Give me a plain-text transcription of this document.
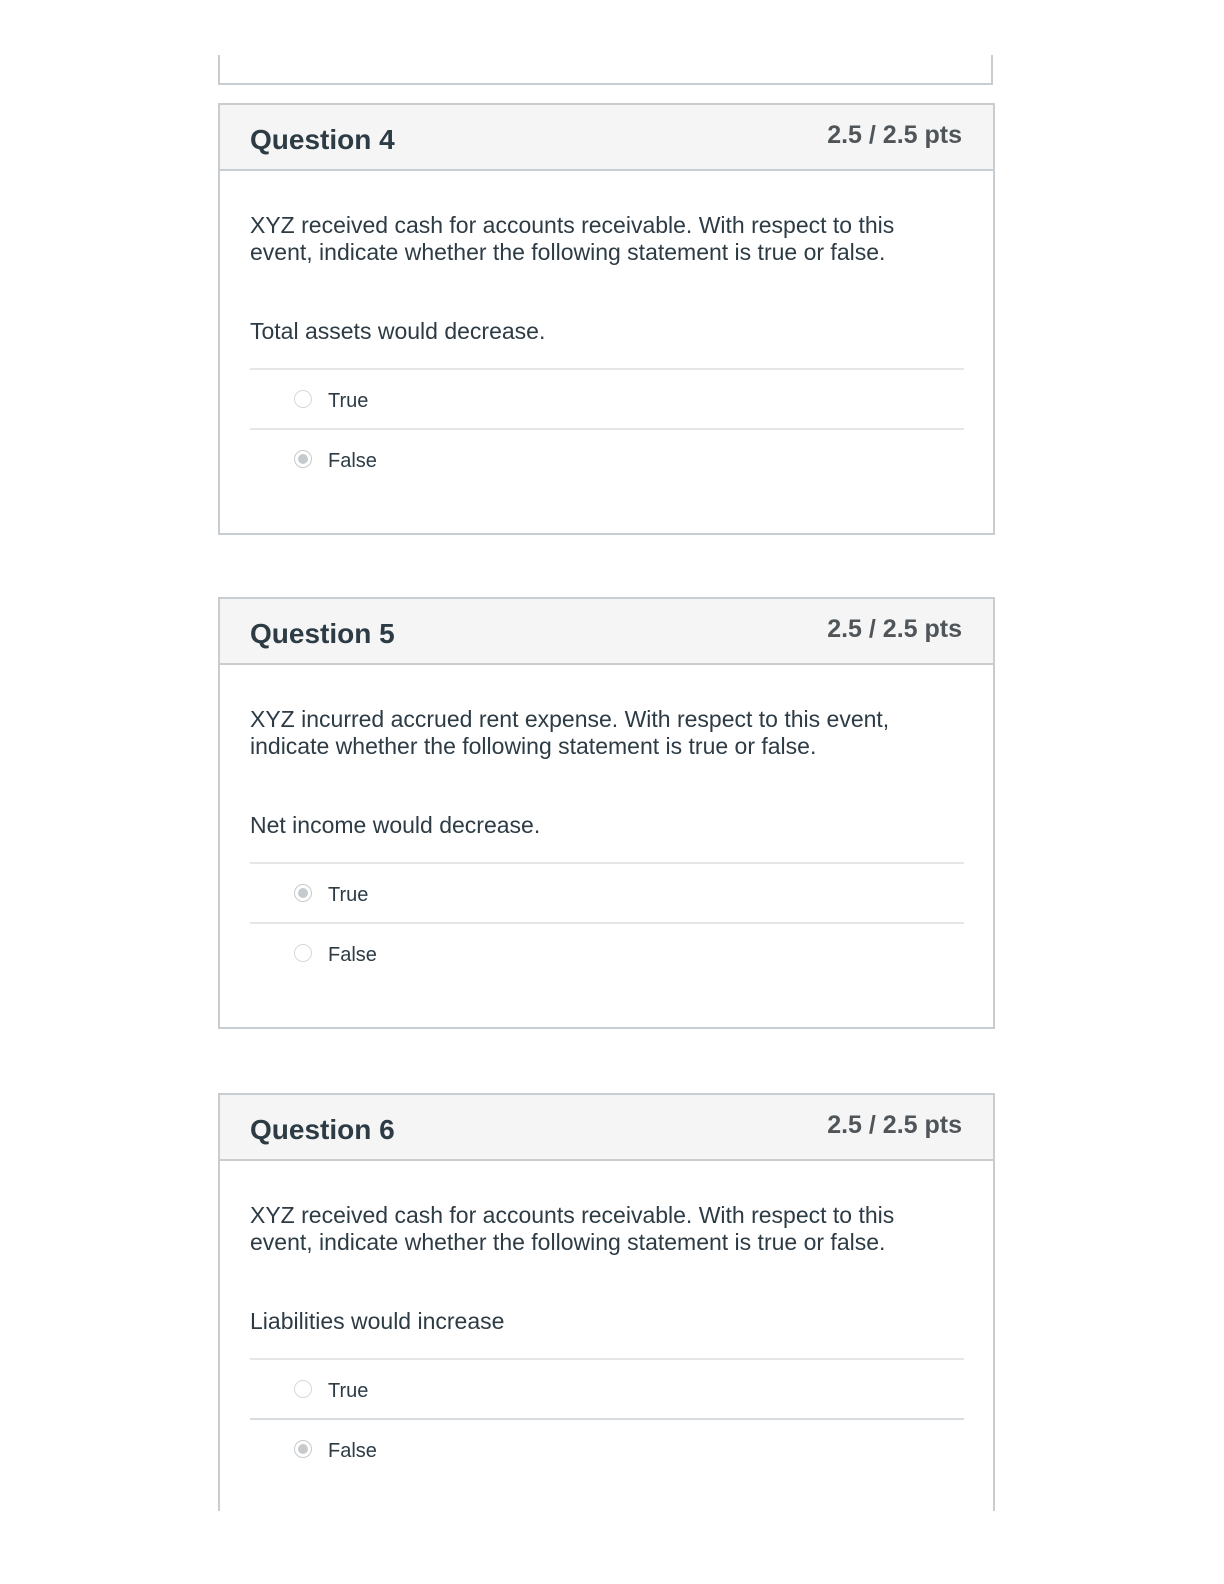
Question 4	2.5 / 2.5 pts
XYZ received cash for accounts receivable. With respect to this
event, indicate whether the following statement is true or false.
Total assets would decrease.
True
False
Question 5	2.5 / 2.5 pts
XYZ incurred accrued rent expense. With respect to this event,
indicate whether the following statement is true or false.
Net income would decrease.
True
False
Question 6	2.5 / 2.5 pts
XYZ received cash for accounts receivable. With respect to this
event, indicate whether the following statement is true or false.
Liabilities would increase
True
False
